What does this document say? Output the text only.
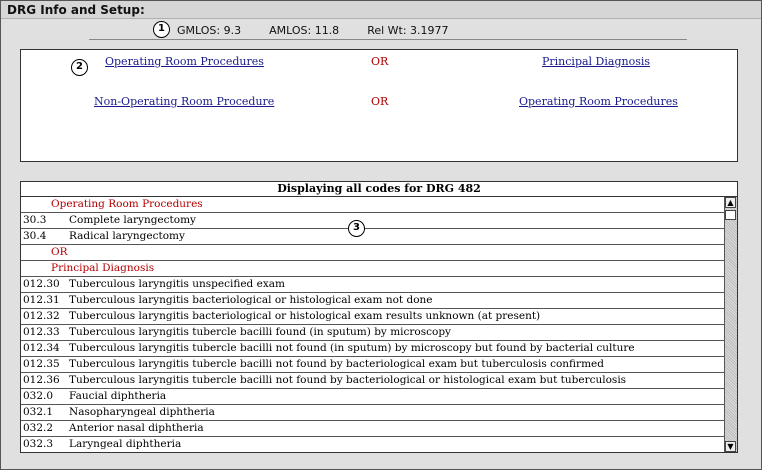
DRG Info and Setup:
1	GMLOS: 9.3	AMLOS: 11.8	Rel Wt: 3.1977
2	Operating Room Procedures	OR	Principal Diagnosis
Non-Operating Room Procedure	OR	Operating Room Procedures
Displaying all codes for DRG 482
Operating Room Procedures
30.3 Complete laryngectomy
30.4 Radical laryngectomy
OR
Principal Diagnosis
012.30 Tuberculous laryngitis unspecified exam
012.31 Tuberculous laryngitis bacteriological or histological exam not done
012.32 Tuberculous laryngitis bacteriological or histological exam results unknown (at present)
012.33 Tuberculous laryngitis tubercle bacilli found (in sputum) by microscopy
012.34 Tuberculous laryngitis tubercle bacilli not found (in sputum) by microscopy but found by bacterial culture
012.35 Tuberculous laryngitis tubercle bacilli not found by bacteriological exam but tuberculosis confirmed
012.36 Tuberculous laryngitis tubercle bacilli not found by bacteriological or histological exam but tuberculosis
032.0 Faucial diphtheria
032.1 Nasopharyngeal diphtheria
032.2 Anterior nasal diphtheria
032.3 Laryngeal diphtheria
3
▲
▼
